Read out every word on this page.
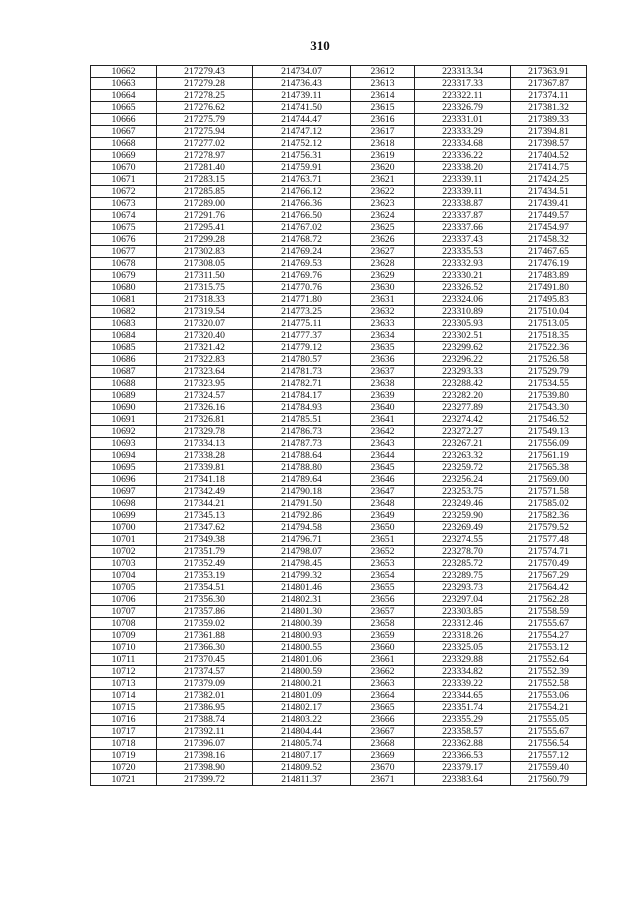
310
10662	217279.43	214734.07	23612	223313.34	217363.91
10663	217279.28	214736.43	23613	223317.33	217367.87
10664	217278.25	214739.11	23614	223322.11	217374.11
10665	217276.62	214741.50	23615	223326.79	217381.32
10666	217275.79	214744.47	23616	223331.01	217389.33
10667	217275.94	214747.12	23617	223333.29	217394.81
10668	217277.02	214752.12	23618	223334.68	217398.57
10669	217278.97	214756.31	23619	223336.22	217404.52
10670	217281.40	214759.91	23620	223338.20	217414.75
10671	217283.15	214763.71	23621	223339.11	217424.25
10672	217285.85	214766.12	23622	223339.11	217434.51
10673	217289.00	214766.36	23623	223338.87	217439.41
10674	217291.76	214766.50	23624	223337.87	217449.57
10675	217295.41	214767.02	23625	223337.66	217454.97
10676	217299.28	214768.72	23626	223337.43	217458.32
10677	217302.83	214769.24	23627	223335.53	217467.65
10678	217308.05	214769.53	23628	223332.93	217476.19
10679	217311.50	214769.76	23629	223330.21	217483.89
10680	217315.75	214770.76	23630	223326.52	217491.80
10681	217318.33	214771.80	23631	223324.06	217495.83
10682	217319.54	214773.25	23632	223310.89	217510.04
10683	217320.07	214775.11	23633	223305.93	217513.05
10684	217320.40	214777.37	23634	223302.51	217518.35
10685	217321.42	214779.12	23635	223299.62	217522.36
10686	217322.83	214780.57	23636	223296.22	217526.58
10687	217323.64	214781.73	23637	223293.33	217529.79
10688	217323.95	214782.71	23638	223288.42	217534.55
10689	217324.57	214784.17	23639	223282.20	217539.80
10690	217326.16	214784.93	23640	223277.89	217543.30
10691	217326.81	214785.51	23641	223274.42	217546.52
10692	217329.78	214786.73	23642	223272.27	217549.13
10693	217334.13	214787.73	23643	223267.21	217556.09
10694	217338.28	214788.64	23644	223263.32	217561.19
10695	217339.81	214788.80	23645	223259.72	217565.38
10696	217341.18	214789.64	23646	223256.24	217569.00
10697	217342.49	214790.18	23647	223253.75	217571.58
10698	217344.21	214791.50	23648	223249.46	217585.02
10699	217345.13	214792.86	23649	223259.90	217582.36
10700	217347.62	214794.58	23650	223269.49	217579.52
10701	217349.38	214796.71	23651	223274.55	217577.48
10702	217351.79	214798.07	23652	223278.70	217574.71
10703	217352.49	214798.45	23653	223285.72	217570.49
10704	217353.19	214799.32	23654	223289.75	217567.29
10705	217354.51	214801.46	23655	223293.73	217564.42
10706	217356.30	214802.31	23656	223297.04	217562.28
10707	217357.86	214801.30	23657	223303.85	217558.59
10708	217359.02	214800.39	23658	223312.46	217555.67
10709	217361.88	214800.93	23659	223318.26	217554.27
10710	217366.30	214800.55	23660	223325.05	217553.12
10711	217370.45	214801.06	23661	223329.88	217552.64
10712	217374.57	214800.59	23662	223334.82	217552.39
10713	217379.09	214800.21	23663	223339.22	217552.58
10714	217382.01	214801.09	23664	223344.65	217553.06
10715	217386.95	214802.17	23665	223351.74	217554.21
10716	217388.74	214803.22	23666	223355.29	217555.05
10717	217392.11	214804.44	23667	223358.57	217555.67
10718	217396.07	214805.74	23668	223362.88	217556.54
10719	217398.16	214807.17	23669	223366.53	217557.12
10720	217398.90	214809.52	23670	223379.17	217559.40
10721	217399.72	214811.37	23671	223383.64	217560.79
